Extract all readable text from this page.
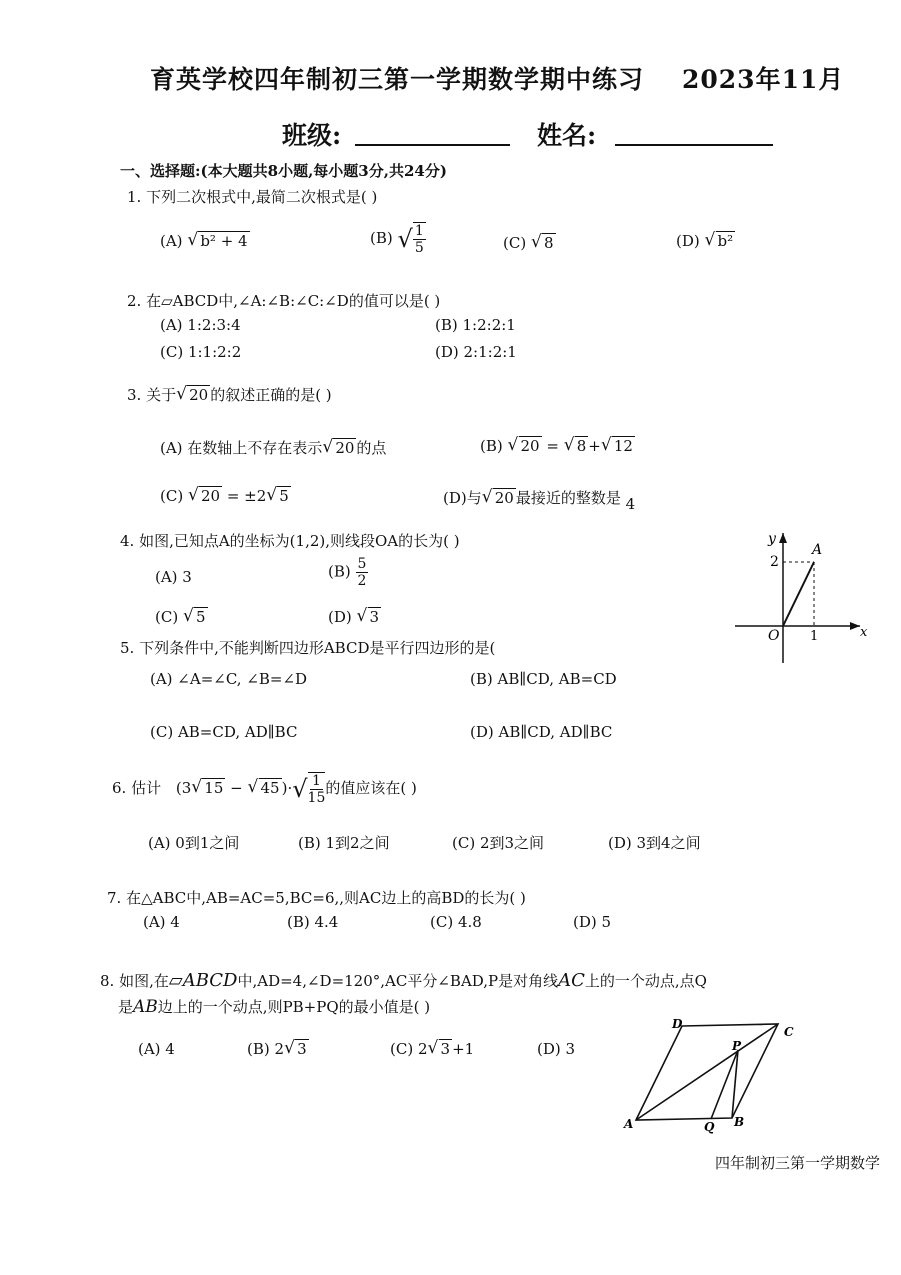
育英学校四年制初三第一学期数学期中练习 2023年11月
班级:	姓名:
一、选择题:(本大题共8小题,每小题3分,共24分)
1. 下列二次根式中,最简二次根式是( )
(A) √ b² + 4	(B) √ $\frac{1}{5}$	(C) √ 8	(D) √ b²
2. 在▱ABCD中,∠A:∠B:∠C:∠D的值可以是( )
(A) 1:2:3:4	(B) 1:2:2:1
(C) 1:1:2:2	(D) 2:1:2:1
3. 关于 √ 20 的叙述正确的是( )
(A) 在数轴上不存在表示 √ 20 的点	(B) √ 20 = √ 8 + √ 12
(C) √ 20 = ±2 √ 5	(D)与 √ 20 最接近的整数是 4
4. 如图,已知点A的坐标为(1,2),则线段OA的长为( )
(A) 3	$(B) \frac{5}{2}$
(C) √ 5	(D) √ 3
y
x
A
O
2
1
5. 下列条件中,不能判断四边形ABCD是平行四边形的是(
(A) ∠A=∠C, ∠B=∠D	(B) AB∥CD, AB=CD
(C) AB=CD, AD∥BC	(D) AB∥CD, AD∥BC
6. 估计 (3 √ 15 − √ 45 )·√ $\frac{1}{15}$ 的值应该在( )
(A) 0到1之间	(B) 1到2之间	(C) 2到3之间	(D) 3到4之间
7. 在△ABC中,AB=AC=5,BC=6,,则AC边上的高BD的长为( )
(A) 4	(B) 4.4	(C) 4.8	(D) 5
8. 如图,在▱ABCD中,AD=4,∠D=120°,AC平分∠BAD,P是对角线AC上的一个动点,点Q
是AB边上的一个动点,则PB+PQ的最小值是( )
(A) 4	(B) 2 √ 3	(C) 2 √ 3 +1	(D) 3
A	B
C
D
P
Q
四年制初三第一学期数学
